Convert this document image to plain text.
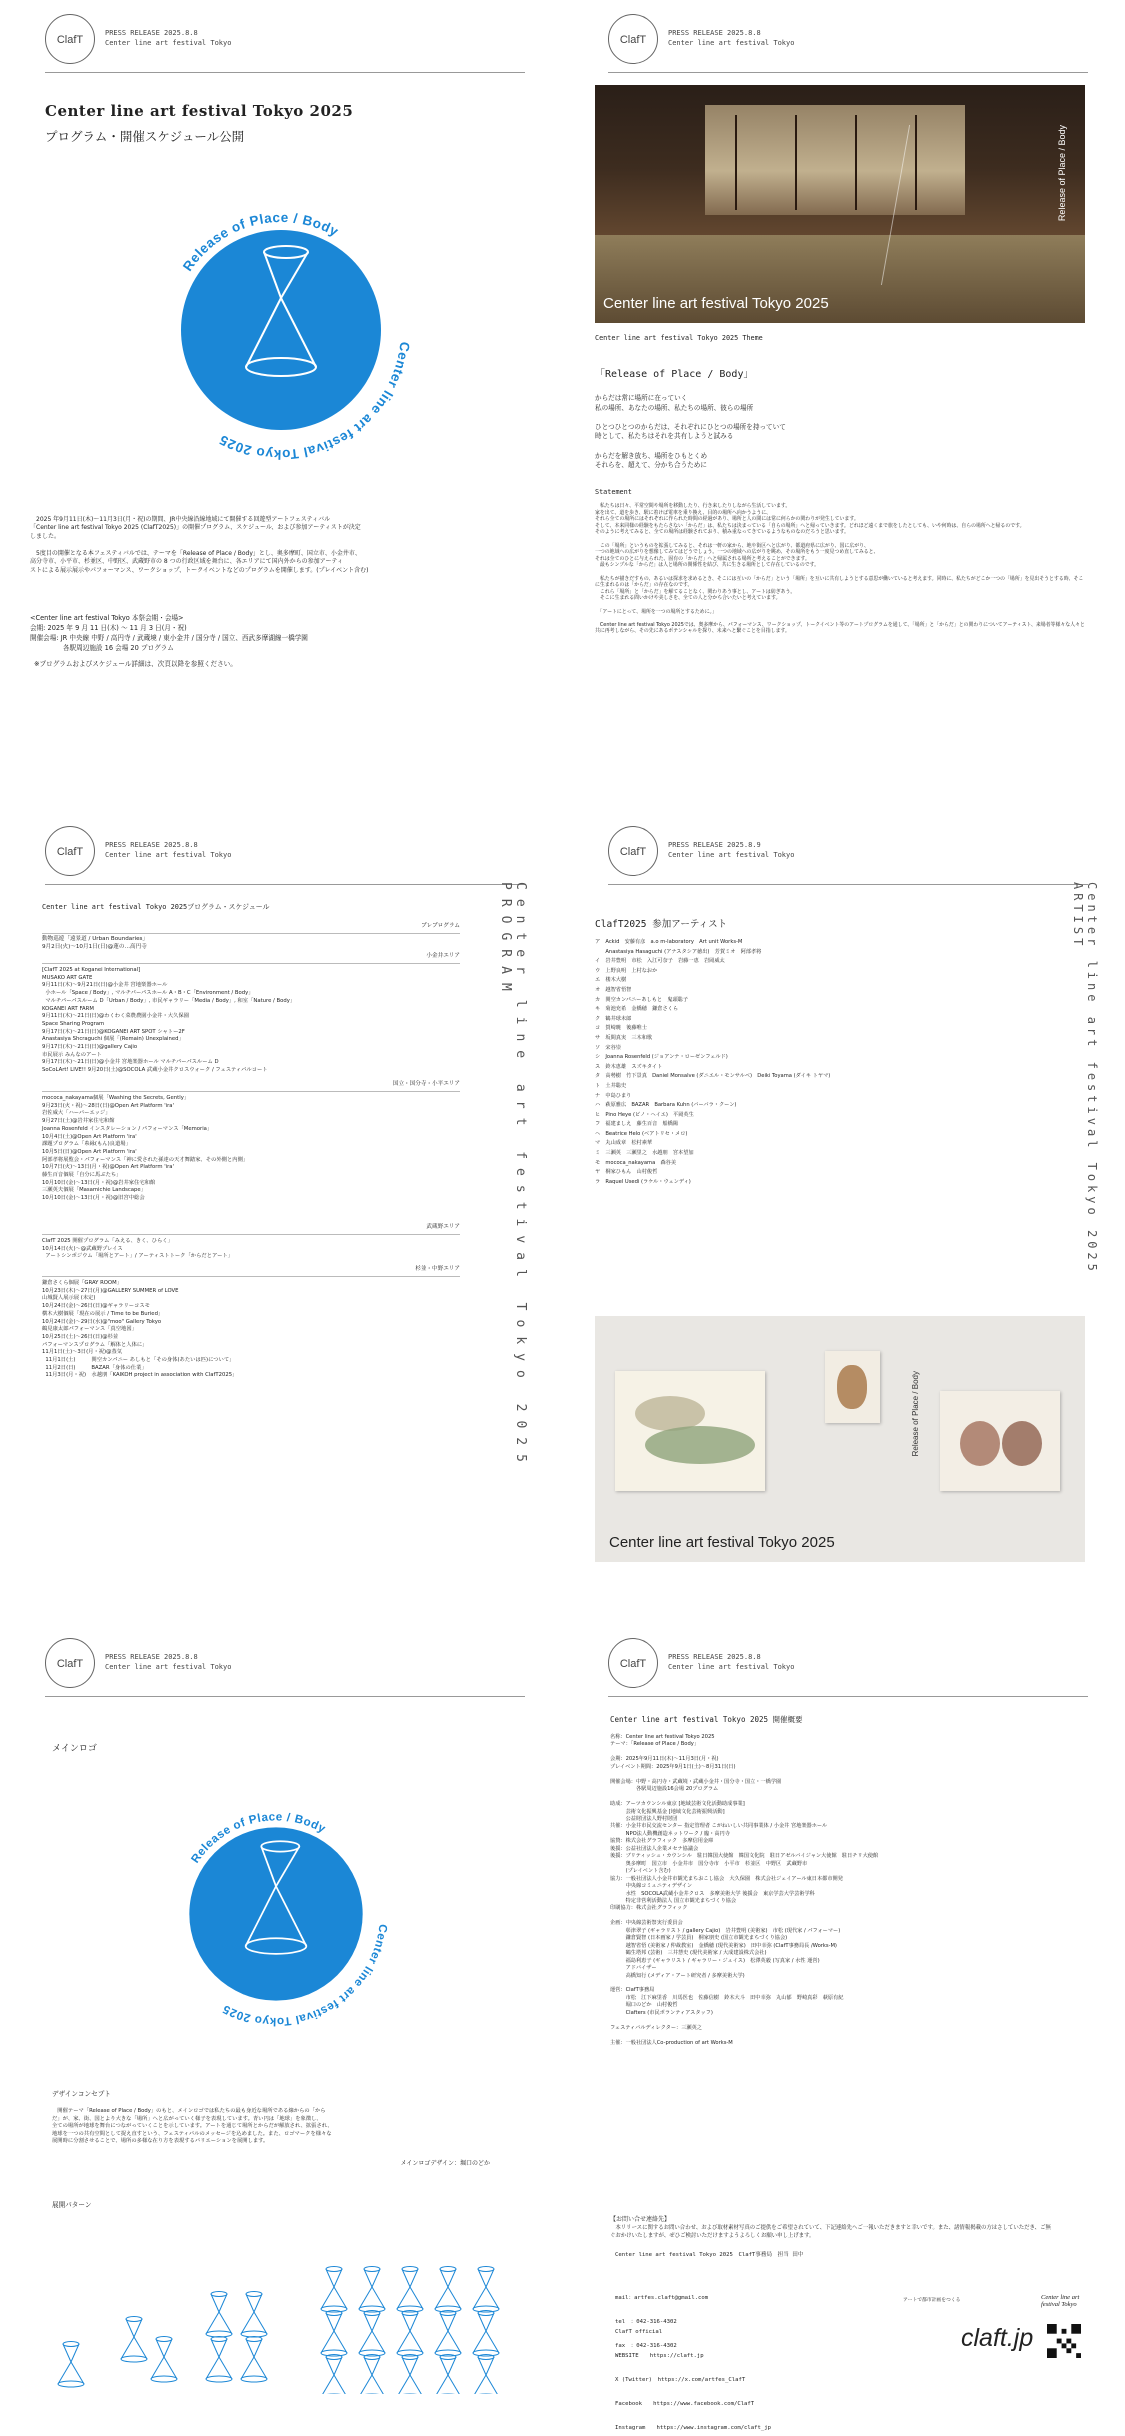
ClafT
PRESS RELEASE 2025.8.8
Center line art festival Tokyo
Center line art festival Tokyo 2025
プログラム・開催スケジュール公開
Release of Place / Body
Center line art festival Tokyo 2025
　2025 年9月11日(木)〜11月3日(月・祝)の期間、JR中央線沿線地域にて開催する回遊型アートフェスティバル
「Center line art festival Tokyo 2025 (ClafT2025)」の開催プログラム、スケジュール、および参加アーティストが決定
しました。
　5度目の開催となる本フェスティバルでは、テーマを「Release of Place / Body」とし、奥多摩町、国立市、小金井市、
高分寺市、小平市、杉並区、中野区、武蔵野市の 8 つの行政区域を舞台に、各エリアにて国内外からの参加アーティ
ストによる展示展示やパフォーマンス、ワークショップ、トークイベントなどのプログラムを開催します。(プレイベント含む)
<Center line art festival Tokyo 本祭会期・会場>
会期: 2025 年 9 月 11 日(木) 〜 11 月 3 日(月・祝)
開催会場: JR 中央線 中野 / 高円寺 / 武蔵境 / 東小金井 / 国分寺 / 国立、西武多摩湖線一橋学園
　　　　　各駅周辺施設 16 会場 20 プログラム
※プログラムおよびスケジュール詳細は、次頁以降を参照ください。
ClafT
PRESS RELEASE 2025.8.8
Center line art festival Tokyo
Center line art festival Tokyo 2025
Release of Place / Body
Center line art festival Tokyo 2025 Theme
「Release of Place / Body」
からだは常に場所に在っていく
私の場所、あなたの場所、私たちの場所、彼らの場所

ひとつひとつのからだは、それぞれにひとつの場所を持っていて
時として、私たちはそれを共有しようと試みる

からだを解き放ち、場所をひもとくめ
それらを、超えて、分かち合うために
Statement
　私たちは日々、平常空間や場所を移動したり、行き来したりしながら生活しています。
家を出て、道を歩き、駅に着けば電車を乗り換え、目的の場所へ向かうように、
それら全ての場所にはそれぞれに作られた時間の経過があり、場所と人の間には常に何らかの関わりが発生しています。
そして、本来同様の経験をもたらさない「からだ」は、私たちは決まっている「自らの場所」へと帰っていきます。どれほど遠くまで旅をしたとしても、いや何時は、自らの場所へと帰るのです。
そのように考えてみると、全ての場所は経験されており、積み重なってきているようなものなのだろうと思います。

　この「場所」というものを拡張してみると、それは一軒の家から、地や街区へと広がり、都道府県に広がり、国に広がり、
一つの地域への広がりを想像してみてはどうでしょう。一つの地域への広がりを眺め、その場所をもう一度見つめ直してみると、
それは全てのひとに与えられた、固有の「からだ」へと帰属される場所と考えることができます。
　最もシンプルな「からだ」は人と場所の関係性を結び、共に生きる場所として存在しているのです。

　私たちが描きだすもの、あるいは探求を求めるとき、そこには互いの「からだ」という「場所」を互いに共有しようとする意思が働いていると考えます。同時に、私たちがどこか一つの「場所」を見出そうとする時、そこに生まれるのは「からだ」の存在なのです。
　これら「場所」と「からだ」を解てることなく、関わりあう事とし、アートは紡ぎあう。
　そこに生まれる問いかけや美しさを、全ての人と分かち合いたいと考えています。

　「アートにとって、場所を一つの場所とするために。」

　Center line art festival Tokyo 2025では、奥多摩から、パフォーマンス、ワークショップ、トークイベント等のアートプログラムを通して、「場所」と「からだ」との関わりについてアーティスト、来場者等様々な人々と共に再考しながら、その先にあるポテンシャルを探り、未来へと繋ぐことを目指します。
ClafT
PRESS RELEASE 2025.8.8
Center line art festival Tokyo
Center line art festival Tokyo 2025 PROGRAM
Center line art festival Tokyo 2025プログラム・スケジュール
プレプログラム
動物巡遊「遠景道 / Urban Boundaries」
9月2日(火)〜10月1日(日)@蓮の…高円寺
小金井エリア
[ClafT 2025 at Koganei International]
MUSAKO ART GATE
9月11日(木)〜9月21日(日)@小金井 宮地楽器ホール
小ホール「Space / Body」, マルチパーパスホール A・B・C「Environment / Body」
マルチパーパスルーム D「Urban / Body」, 市民ギャラリー「Media / Body」, 和室「Nature / Body」
KOGANEI ART FARM
9月11日(木)〜21日(日)@わくわく菜農農園小金井・大久保園
Space Sharing Program
9月17日(木)〜21日(日)@KOGANEI ART SPOT シャトー2F
Anastasiya Shcraguchi 個展「(Remain) Unexplained」
9月17日(木)〜21日(日)@gallery Cajio
市民展示 みんなのアート
9月17日(木)〜21日(日)@小金井 宮地楽器ホール マルチパーパスルーム D
SoCoLArt! LIVE!! 9月20日(土)@SOCOLA 武蔵小金井クロスウォーク / フェスティバルコート
国立・国分寺・小平エリア
mococa_nakayama個展「Washing the Secrets, Gently」
9月23日(火・祝)〜28日(日)@Open Art Platform 'ira'
岩佐威大「ハーバーエッジ」
9月27日(土)@岩井家住宅和館
Joanna Rosenfeld インスタレーション / パフォーマンス「Memoria」
10月4日(土)@Open Art Platform 'ira'
課題プログラム「糸縁(もん)良道場」
10月5日(日)@Open Art Platform 'ira'
阿部孝将展覧会・パフォーマンス「神に愛された孫達の天才舞踏家、その外側と内側」
10月7日(火)〜13日(月・祝)@Open Art Platform 'ira'
藤生百音個展「自分に馬ぶたち」
10月10日(金)〜13日(月・祝)@岩井家住宅和館
三瀬英夫個展「Masamichie Landscape」
10月10日(金)〜13日(月・祝)@旧宮中総会
武蔵野エリア
ClafT 2025 開催プログラム「みえる、きく、ひらく」
10月14日(火)〜@武蔵野プレイス
アートシンポジウム「場所とアート」/ アーティストトーク「からだとアート」
杉並・中野エリア
鎌倉さくら個展「GRAY ROOM」
10月23日(木)〜27日(月)@GALLERY SUMMER of LOVE
山城賢人展示展 (未定)
10月24日(金)〜26日(日)@ギャラリーコスモ
横木大樹個展「現在の展示 / Time to be Buried」
10月24日(金)〜29日(水)@"moo" Gallery Tokyo
鶴見康太郎パフォーマンス「真空地図」
10月25日(土)〜26日(日)@杉並
パフォーマンスプログラム「解体と人体に」
11月1日(土)〜3日(月・祝)@蒸気
11月1日(土)　　　関空カンパニー あしもと「その身体(あたいは匹)について」
11月2日(日)　　　BAZAR「身体の仕業」
11月3日(月・祝)　水越朋「KAIKOH project in association with ClafT2025」
ClafT
PRESS RELEASE 2025.8.9
Center line art festival Tokyo
Center line art festival Tokyo 2025 ARTIST
ClafT2025 参加アーティスト
ア　Ackid　安藤有彦　a.o m-laboratory　Art unit Works-M
　　Anastasiya Hasaguchi (アナスタシア徳出)　芳賀ミオ　阿部孝将
イ　岩井豊明　市松　入江可奈子　岩藤一恵　岩岡威太
ウ　上野良明　上村なおか
エ　楼木大樹
オ　越智省悟智
カ　関空カンパニーあしもと　鬼頭聡子
キ　菊池充希　金橋穂　鎌倉さくら
ク　鶴井球未郎
コ　賀崎暁　後藤唯士
サ　坂間真実　三木和歌
ソ　宋谷崇
シ　Joanna Rosenfeld (ジョアンナ・ローゼンフェルド)
ス　鈴木恵雄　スズキタイト
タ　高勢樹　竹下景真　Daniel Monsalve (ダニエル・モンサルベ)　Deiki Toyama (ダイキ トヤマ)
ト　土井聡史
ナ　中島ひまり
ハ　萩原雅広　BAZAR　Barbara Kuhn (バーバラ・クーン)
ヒ　Pino Heye (ピノ・ヘイエ)　平岡英生
フ　福建ましえ　藤生百音　船橋陽
ヘ　Beatrice Helo (ベアトリセ・メロ)
マ　丸山成章　松村素華
ミ　三瀬英　三瀬里之　水越朋　宮本望加
モ　mococa_nakayama　森谷美
ヤ　桐家ひもん　山村俊哲
ラ　Raquel Usedi (ラケル・ウェンディ)
Center line art festival Tokyo 2025
Release of Place / Body
ClafT
PRESS RELEASE 2025.8.8
Center line art festival Tokyo
メインロゴ
Release of Place / Body
Center line art festival Tokyo 2025
デザインコンセプト
　開催テーマ「Release of Place / Body」のもと、メインロゴでは私たちの最も身近な場所である線からの「から
だ」が、家、街、国とより大きな「場所」へと広がっていく様子を表現しています。青い円は「地球」を象徴し、
全ての場所が地球を舞台につながっていくことを示しています。アートを通じて場所とからだが解放され、拡張され、
地球を一つの共有空間として捉え直すという、フェスティバルのメッセージを込めました。また、ロゴマークを様々な
展開時に分割させることで、場所の多様な在り方を表現するバリエーションを展開します。
メインロゴデザイン：堀口のどか
展開パターン
ClafT
PRESS RELEASE 2025.8.8
Center line art festival Tokyo
Center line art festival Tokyo 2025 開催概要
名称：Center line art festival Tokyo 2025
テーマ：「Release of Place / Body」

会期：2025年9月11日(木)〜11月3日(月・祝)
プレイベント期間：2025年9月1日(土)〜8月31日(日)

開催会場：中野・高円寺・武蔵境・武蔵小金井・国分寺・国立・一橋学園
　　　　　各駅周辺施設16会場 20プログラム

助成：アーツカウンシル東京 [地域芸術文化活動助成事業]
　　　芸術文化振興基金 [地域文化芸術振興活動]
　　　公益財団法人野村財団
共催：小金井市民交流センター 指定管理者 こがねいしい共同事業体 / 小金井 宮地楽器ホール
　　　NPO法人動機創造ネットワーク / 臨・高円寺
協賛：株式会社グラフィック　多摩信用金庫
後援：公益社団法人企業メセナ協議会
後援：ブリティッシュ・カウンシル　駐日韓国大使館　韓国文化院　駐日アゼルバイジャン大使館　駐日チリ大使館
　　　奥多摩町　国立市　小金井市　国分寺市　小平市　杉並区　中野区　武蔵野市
　　　(プレイベント含む)
協力：一般社団法人小金井市観光まちおこし協会　大久保園　株式会社ジェイアール東日本都市開発
　　　中央線コミュニティデザイン
　　　水性　SOCOLA武蔵小金井クロス　多摩美術大学 後援会　東京学芸大学芸術学科
　　　特定非営利活動法人 国立市観光まちづくり協会
印刷協力：株式会社グラフィック

企画：中央線芸術祭実行委員会
　　　彰津翠子 (ギャラリスト / gallery Cajio)　岩井豊明 (美術家)　市松 (現代家 / パフォーマー)
　　　鎌倉賢智 (日本画家 / 学芸員)　桐家朋史 (国立市観光まちづくり協会)
　　　越智省悟 (美術家 / 仲裁教室)　金橋穂 (現代美術家)　田中幸弥 (ClafT事務局長 /Works-M)
　　　鶴生塔邦 (芸術)　三井慧史 (現代美術家 / 大成建設株式会社)
　　　福島利恵子 (ギャラリスト / ギャラリー・ジュイス)　松澤英毅 (写真家 / 水性 運営)
　　　アドバイザー
　　　高橋知行 (メディア・アート研究者 / 多摩美術大学)

運営：ClafT事務局
　　　市松　江下麻里香　川馬医也　佐藤信樹　鈴木大斗　田中幸弥　丸山郁　野崎真彩　萩原有紀
　　　堀口のどか　山村俊哲
　　　Clafters (市民ボランティアスタッフ)

フェスティバルディレクター：三瀬英之

主催：一般社団法人Co-production of art Works-M
【お問い合せ連絡先】
　本リリースに関するお問い合わせ、および取材素材写真のご提供をご希望されていて、下記連絡先へご一報いただきますと幸いです。また、諸情報掲載の方はさしていただき、ご無ぐおかけいたしますが、ぜひご検討いただけますようよろしくお願い申し上げます。
Center line art festival Tokyo 2025　ClafT事務局　担当 田中

mail：artfes.claft@gmail.com

tel　：042-316-4302

fax　：042-316-4302

ClafT official

WEBSITE　　https://claft.jp

X (Twitter)　https://x.com/artfes_ClafT

Facebook　　https://www.facebook.com/ClafT

Instagram　　https://www.instagram.com/claft_jp

アートで都市計画をつくる	Center line art festival Tokyo
claft.jp
